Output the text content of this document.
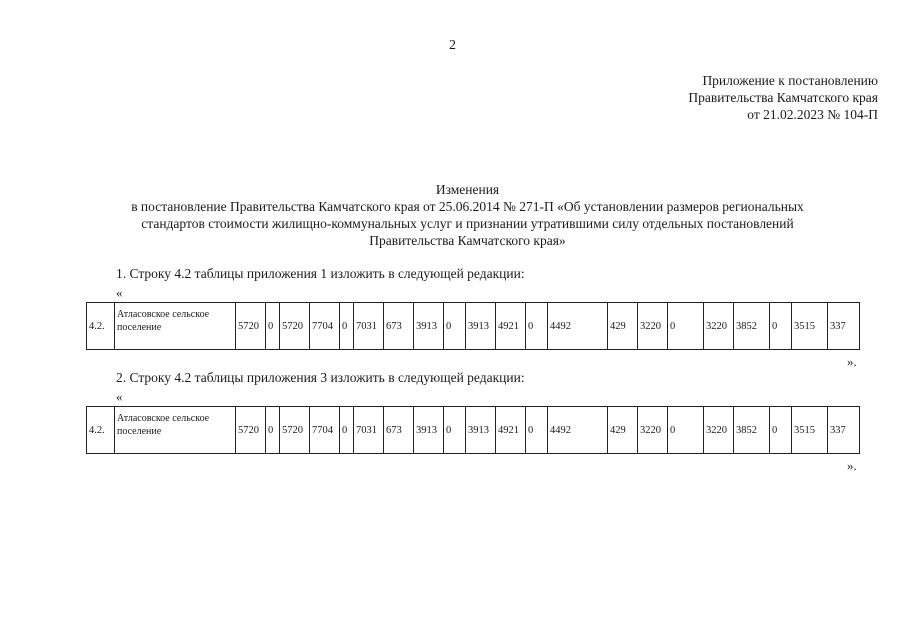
2
Приложение к постановлению
Правительства Камчатского края
от 21.02.2023 № 104-П
Изменения
в постановление Правительства Камчатского края от 25.06.2014 № 271-П «Об установлении размеров региональных
стандартов стоимости жилищно-коммунальных услуг и признании утратившими силу отдельных постановлений
Правительства Камчатского края»
1. Строку 4.2 таблицы приложения 1 изложить в следующей редакции:
«
4.2.	Атласовское сельское поселение	5720	0	5720	7704	0	7031	673	3913	0	3913	4921	0	4492	429	3220	0	3220	3852	0	3515	337
».
2. Строку 4.2 таблицы приложения 3 изложить в следующей редакции:
«
4.2.	Атласовское сельское поселение	5720	0	5720	7704	0	7031	673	3913	0	3913	4921	0	4492	429	3220	0	3220	3852	0	3515	337
».
